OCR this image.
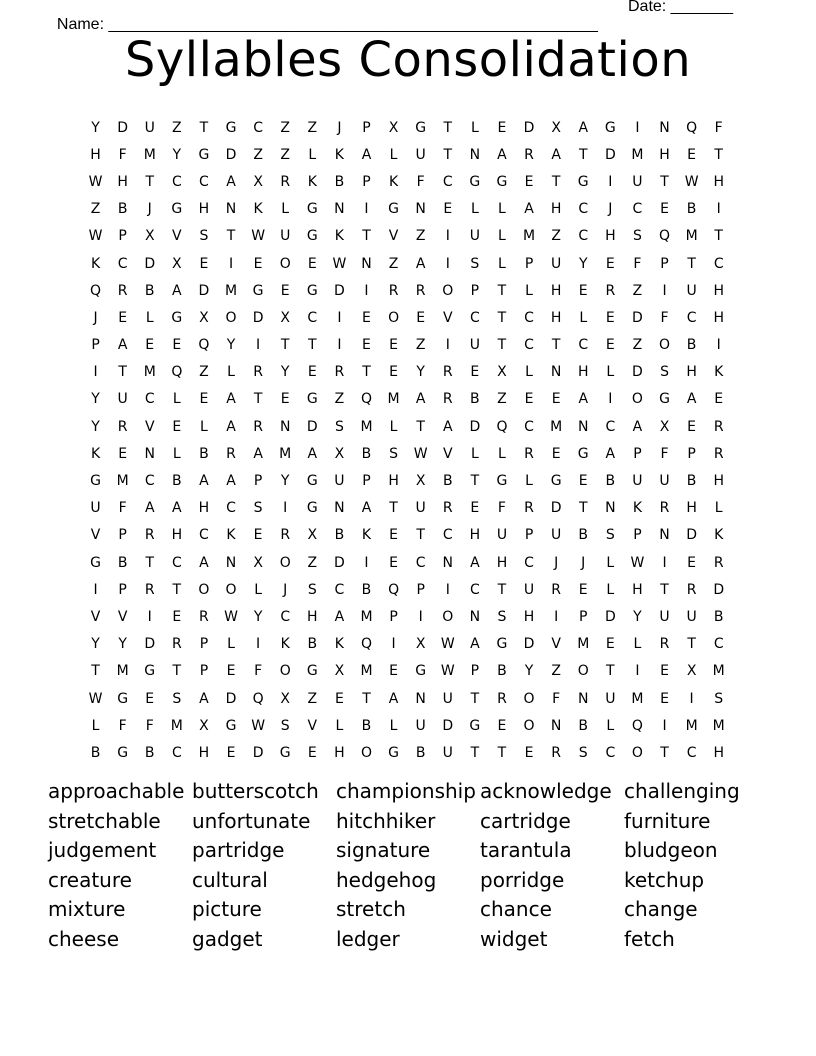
Name: _______________________________________________________

Date: _______

Syllables Consolidation
Y	D	U	Z	T	G	C	Z	Z	J	P	X	G	T	L	E	D	X	A	G	I	N	Q	F
H	F	M	Y	G	D	Z	Z	L	K	A	L	U	T	N	A	R	A	T	D	M	H	E	T
W	H	T	C	C	A	X	R	K	B	P	K	F	C	G	G	E	T	G	I	U	T	W	H
Z	B	J	G	H	N	K	L	G	N	I	G	N	E	L	L	A	H	C	J	C	E	B	I
W	P	X	V	S	T	W	U	G	K	T	V	Z	I	U	L	M	Z	C	H	S	Q	M	T
K	C	D	X	E	I	E	O	E	W	N	Z	A	I	S	L	P	U	Y	E	F	P	T	C
Q	R	B	A	D	M	G	E	G	D	I	R	R	O	P	T	L	H	E	R	Z	I	U	H
J	E	L	G	X	O	D	X	C	I	E	O	E	V	C	T	C	H	L	E	D	F	C	H
P	A	E	E	Q	Y	I	T	T	I	E	E	Z	I	U	T	C	T	C	E	Z	O	B	I
I	T	M	Q	Z	L	R	Y	E	R	T	E	Y	R	E	X	L	N	H	L	D	S	H	K
Y	U	C	L	E	A	T	E	G	Z	Q	M	A	R	B	Z	E	E	A	I	O	G	A	E
Y	R	V	E	L	A	R	N	D	S	M	L	T	A	D	Q	C	M	N	C	A	X	E	R
K	E	N	L	B	R	A	M	A	X	B	S	W	V	L	L	R	E	G	A	P	F	P	R
G	M	C	B	A	A	P	Y	G	U	P	H	X	B	T	G	L	G	E	B	U	U	B	H
U	F	A	A	H	C	S	I	G	N	A	T	U	R	E	F	R	D	T	N	K	R	H	L
V	P	R	H	C	K	E	R	X	B	K	E	T	C	H	U	P	U	B	S	P	N	D	K
G	B	T	C	A	N	X	O	Z	D	I	E	C	N	A	H	C	J	J	L	W	I	E	R
I	P	R	T	O	O	L	J	S	C	B	Q	P	I	C	T	U	R	E	L	H	T	R	D
V	V	I	E	R	W	Y	C	H	A	M	P	I	O	N	S	H	I	P	D	Y	U	U	B
Y	Y	D	R	P	L	I	K	B	K	Q	I	X	W	A	G	D	V	M	E	L	R	T	C
T	M	G	T	P	E	F	O	G	X	M	E	G	W	P	B	Y	Z	O	T	I	E	X	M
W	G	E	S	A	D	Q	X	Z	E	T	A	N	U	T	R	O	F	N	U	M	E	I	S
L	F	F	M	X	G	W	S	V	L	B	L	U	D	G	E	O	N	B	L	Q	I	M	M
B	G	B	C	H	E	D	G	E	H	O	G	B	U	T	T	E	R	S	C	O	T	C	H
approachable butterscotch championship acknowledge challenging
stretchable	unfortunate	hitchhiker	cartridge	furniture
judgement	partridge	signature	tarantula	bludgeon
creature	cultural	hedgehog	porridge	ketchup
mixture	picture	stretch	chance	change
cheese	gadget	ledger	widget	fetch
